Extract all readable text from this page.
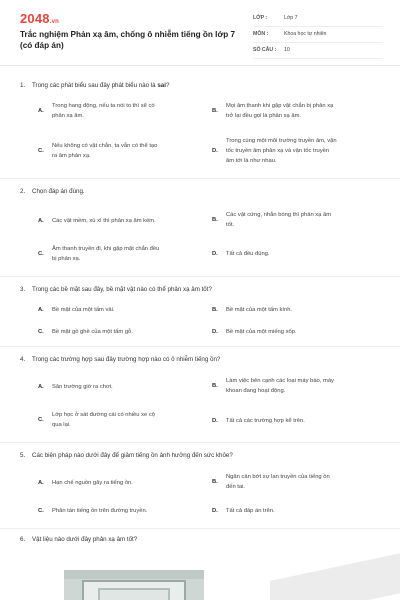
2048.vn
Trắc nghiệm Phản xạ âm, chống ô nhiễm tiếng ồn lớp 7 (có đáp án)
LỚP :	Lớp 7
MÔN :	Khoa học tự nhiên
SỐ CÂU : 10
1.	Trong các phát biểu sau đây phát biểu nào là sai?
A.
Trong hang động, nếu ta nói to thì sẽ có
phản xạ âm.
B.
Mọi âm thanh khi gặp vật chắn bị phản xạ
trở lại đều gọi là phản xạ âm.
C.
Nếu không có vật chắn, ta vẫn có thể tạo
ra âm phản xạ.
D.
Trong cùng một môi trường truyền âm, vận
tốc truyền âm phản xạ và vận tốc truyền
âm tới là như nhau.
2.	Chọn đáp án đúng.
A. Các vật mềm, xù xì thì phản xạ âm kém.	B.
Các vật cứng, nhẵn bóng thì phản xạ âm
tốt.
C.
Âm thanh truyền đi, khi gặp mặt chắn đều
bị phản xạ.
D. Tất cả đều đúng.
3.	Trong các bề mặt sau đây, bề mặt vật nào có thể phản xạ âm tốt?
A. Bề mặt của một tấm vải.	B. Bề mặt của một tấm kính.
C. Bề mặt gồ ghề của một tấm gỗ.	D. Bề mặt của một miếng xốp.
4.	Trong các trường hợp sau đây trường hợp nào có ô nhiễm tiếng ồn?
A. Sân trường giờ ra chơi.	B.
Làm việc bên cạnh các loại máy bào, máy
khoan đang hoạt động.
C.
Lớp học ở sát đường cái có nhiều xe cộ
qua lại.
D. Tất cả các trường hợp kể trên.
5.	Các biện pháp nào dưới đây để giảm tiếng ồn ảnh hưởng đến sức khỏe?
A. Hạn chế nguồn gây ra tiếng ồn.	B.
Ngăn cản bớt sự lan truyền của tiếng ồn
đến tai.
C. Phân tán tiếng ồn trên đường truyền.	D. Tất cả đáp án trên.
6.	Vật liệu nào dưới đây phản xạ âm tốt?
